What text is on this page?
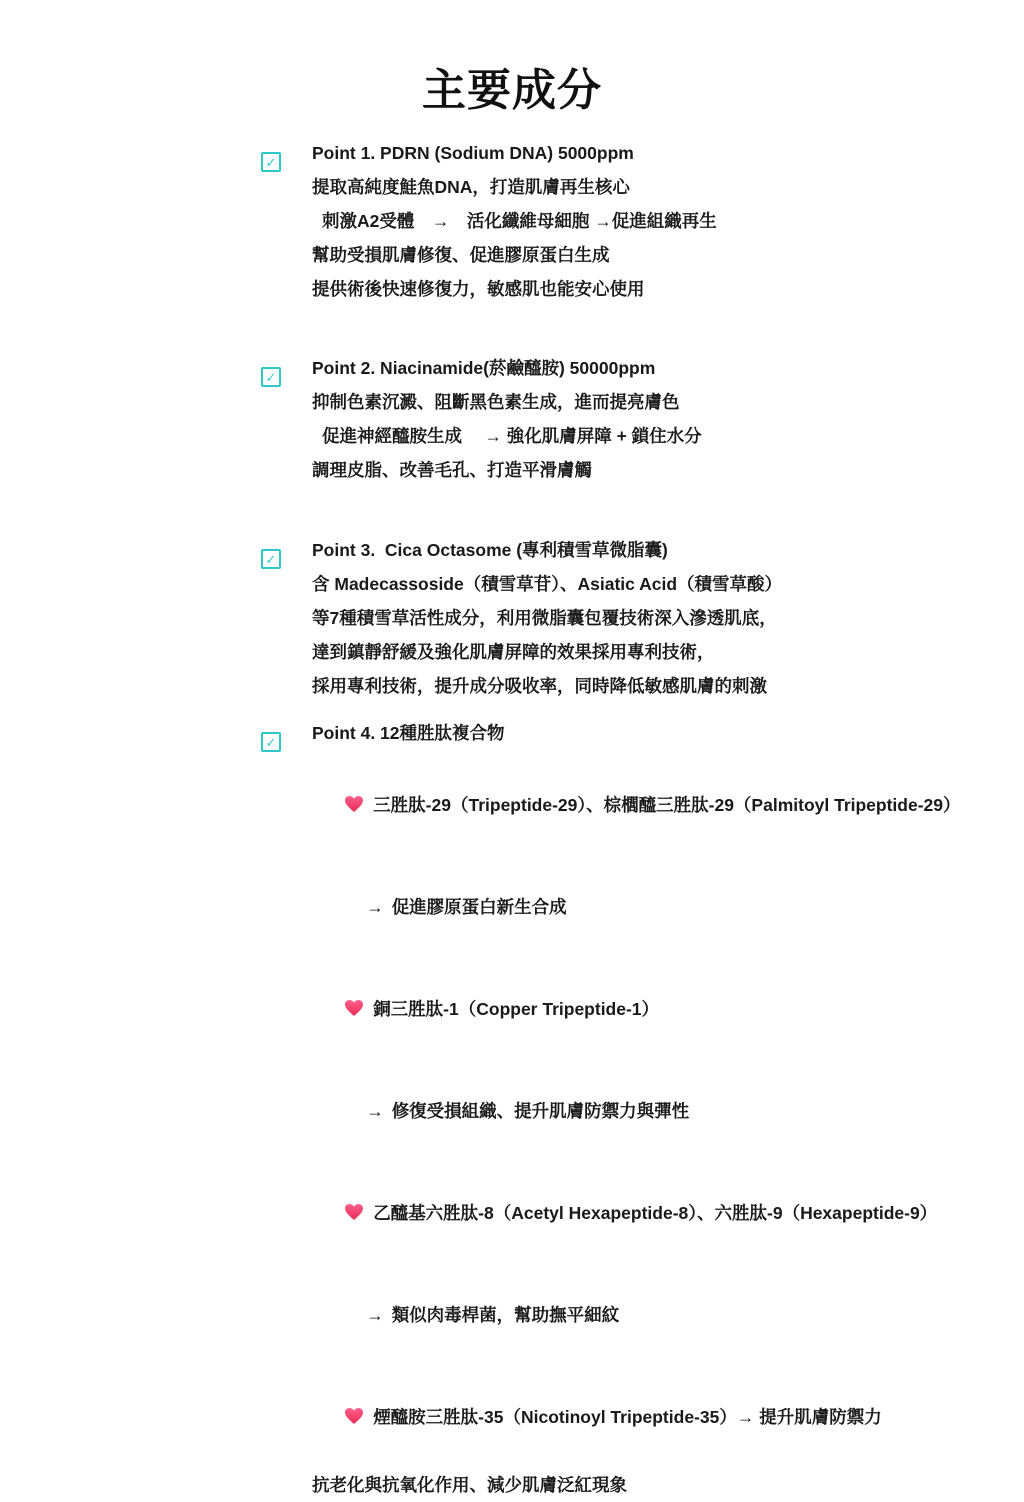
主要成分
✓ Point 1. PDRN (Sodium DNA) 5000ppm
提取高純度鮭魚DNA，打造肌膚再生核心
刺激A2受體　→　活化纖維母細胞 →促進組織再生
幫助受損肌膚修復、促進膠原蛋白生成
提供術後快速修復力，敏感肌也能安心使用
✓ Point 2. Niacinamide(菸鹼醯胺) 50000ppm
抑制色素沉澱、阻斷黑色素生成，進而提亮膚色
促進神經醯胺生成　 → 強化肌膚屏障 + 鎖住水分
調理皮脂、改善毛孔、打造平滑膚觸
✓ Point 3.  Cica Octasome (專利積雪草微脂囊)
含 Madecassoside（積雪草苷）、Asiatic Acid（積雪草酸）
等7種積雪草活性成分，利用微脂囊包覆技術深入滲透肌底，
達到鎮靜舒緩及強化肌膚屏障的效果採用專利技術，
採用專利技術，提升成分吸收率，同時降低敏感肌膚的刺激
✓ Point 4. 12種胜肽複合物

三胜肽-29（Tripeptide-29）、棕櫚醯三胜肽-29（Palmitoyl Tripeptide-29）

→ 促進膠原蛋白新生合成

銅三胜肽-1（Copper Tripeptide-1）

→ 修復受損組織、提升肌膚防禦力與彈性

乙醯基六胜肽-8（Acetyl Hexapeptide-8）、六胜肽-9（Hexapeptide-9）

→ 類似肉毒桿菌，幫助撫平細紋

煙醯胺三胜肽-35（Nicotinoyl Tripeptide-35）→ 提升肌膚防禦力

抗老化與抗氧化作用、減少肌膚泛紅現象
